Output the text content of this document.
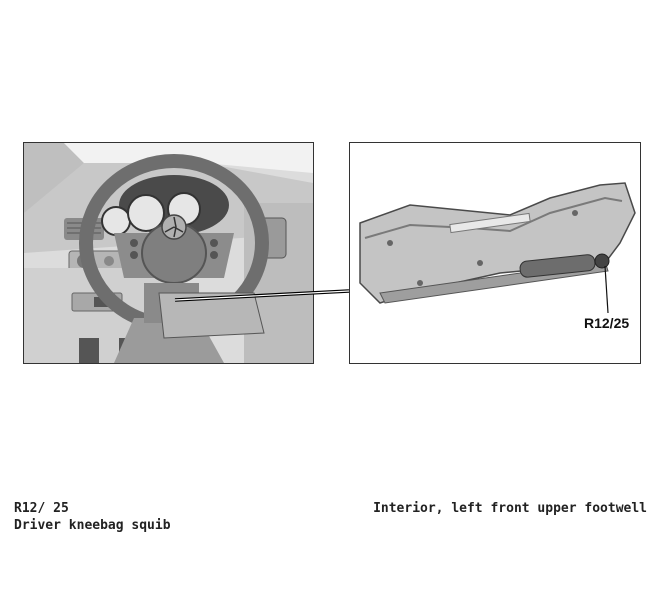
R12/25
R12/ 25
Driver kneebag squib
Interior, left front upper footwell
